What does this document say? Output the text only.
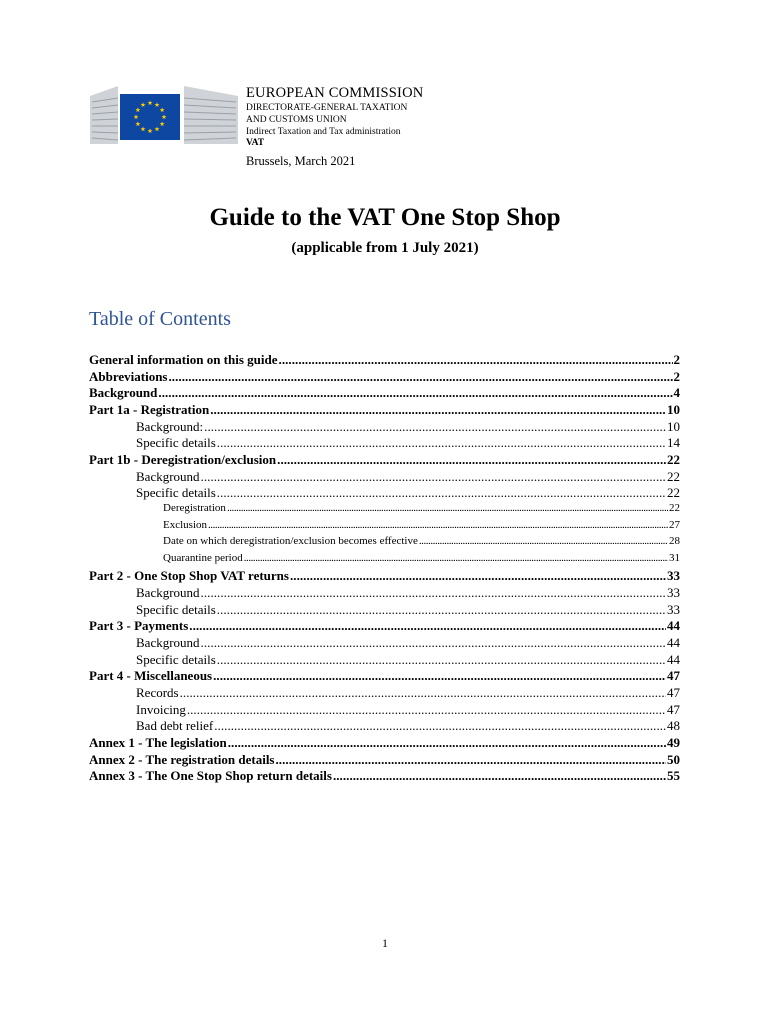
EUROPEAN COMMISSION
DIRECTORATE-GENERAL TAXATION
AND CUSTOMS UNION
Indirect Taxation and Tax administration
VAT
Brussels, March 2021
Guide to the VAT One Stop Shop
(applicable from 1 July 2021)
Table of Contents
General information on this guide . . .	2
Abbreviations . . .	2
Background . . .	4
Part 1a - Registration . . .	10
Background: . . .	10
Specific details . . .	14
Part 1b - Deregistration/exclusion . . .	22
Background . . .	22
Specific details . . .	22
Deregistration . . .	22
Exclusion . . .	27
Date on which deregistration/exclusion becomes effective . . .	28
Quarantine period . . .	31
Part 2 - One Stop Shop VAT returns . . .	33
Background . . .	33
Specific details . . .	33
Part 3 - Payments . . .	44
Background . . .	44
Specific details . . .	44
Part 4 - Miscellaneous . . .	47
Records . . .	47
Invoicing . . .	47
Bad debt relief . . .	48
Annex 1 - The legislation . . .	49
Annex 2 - The registration details . . .	50
Annex 3 - The One Stop Shop return details . . .	55
1
